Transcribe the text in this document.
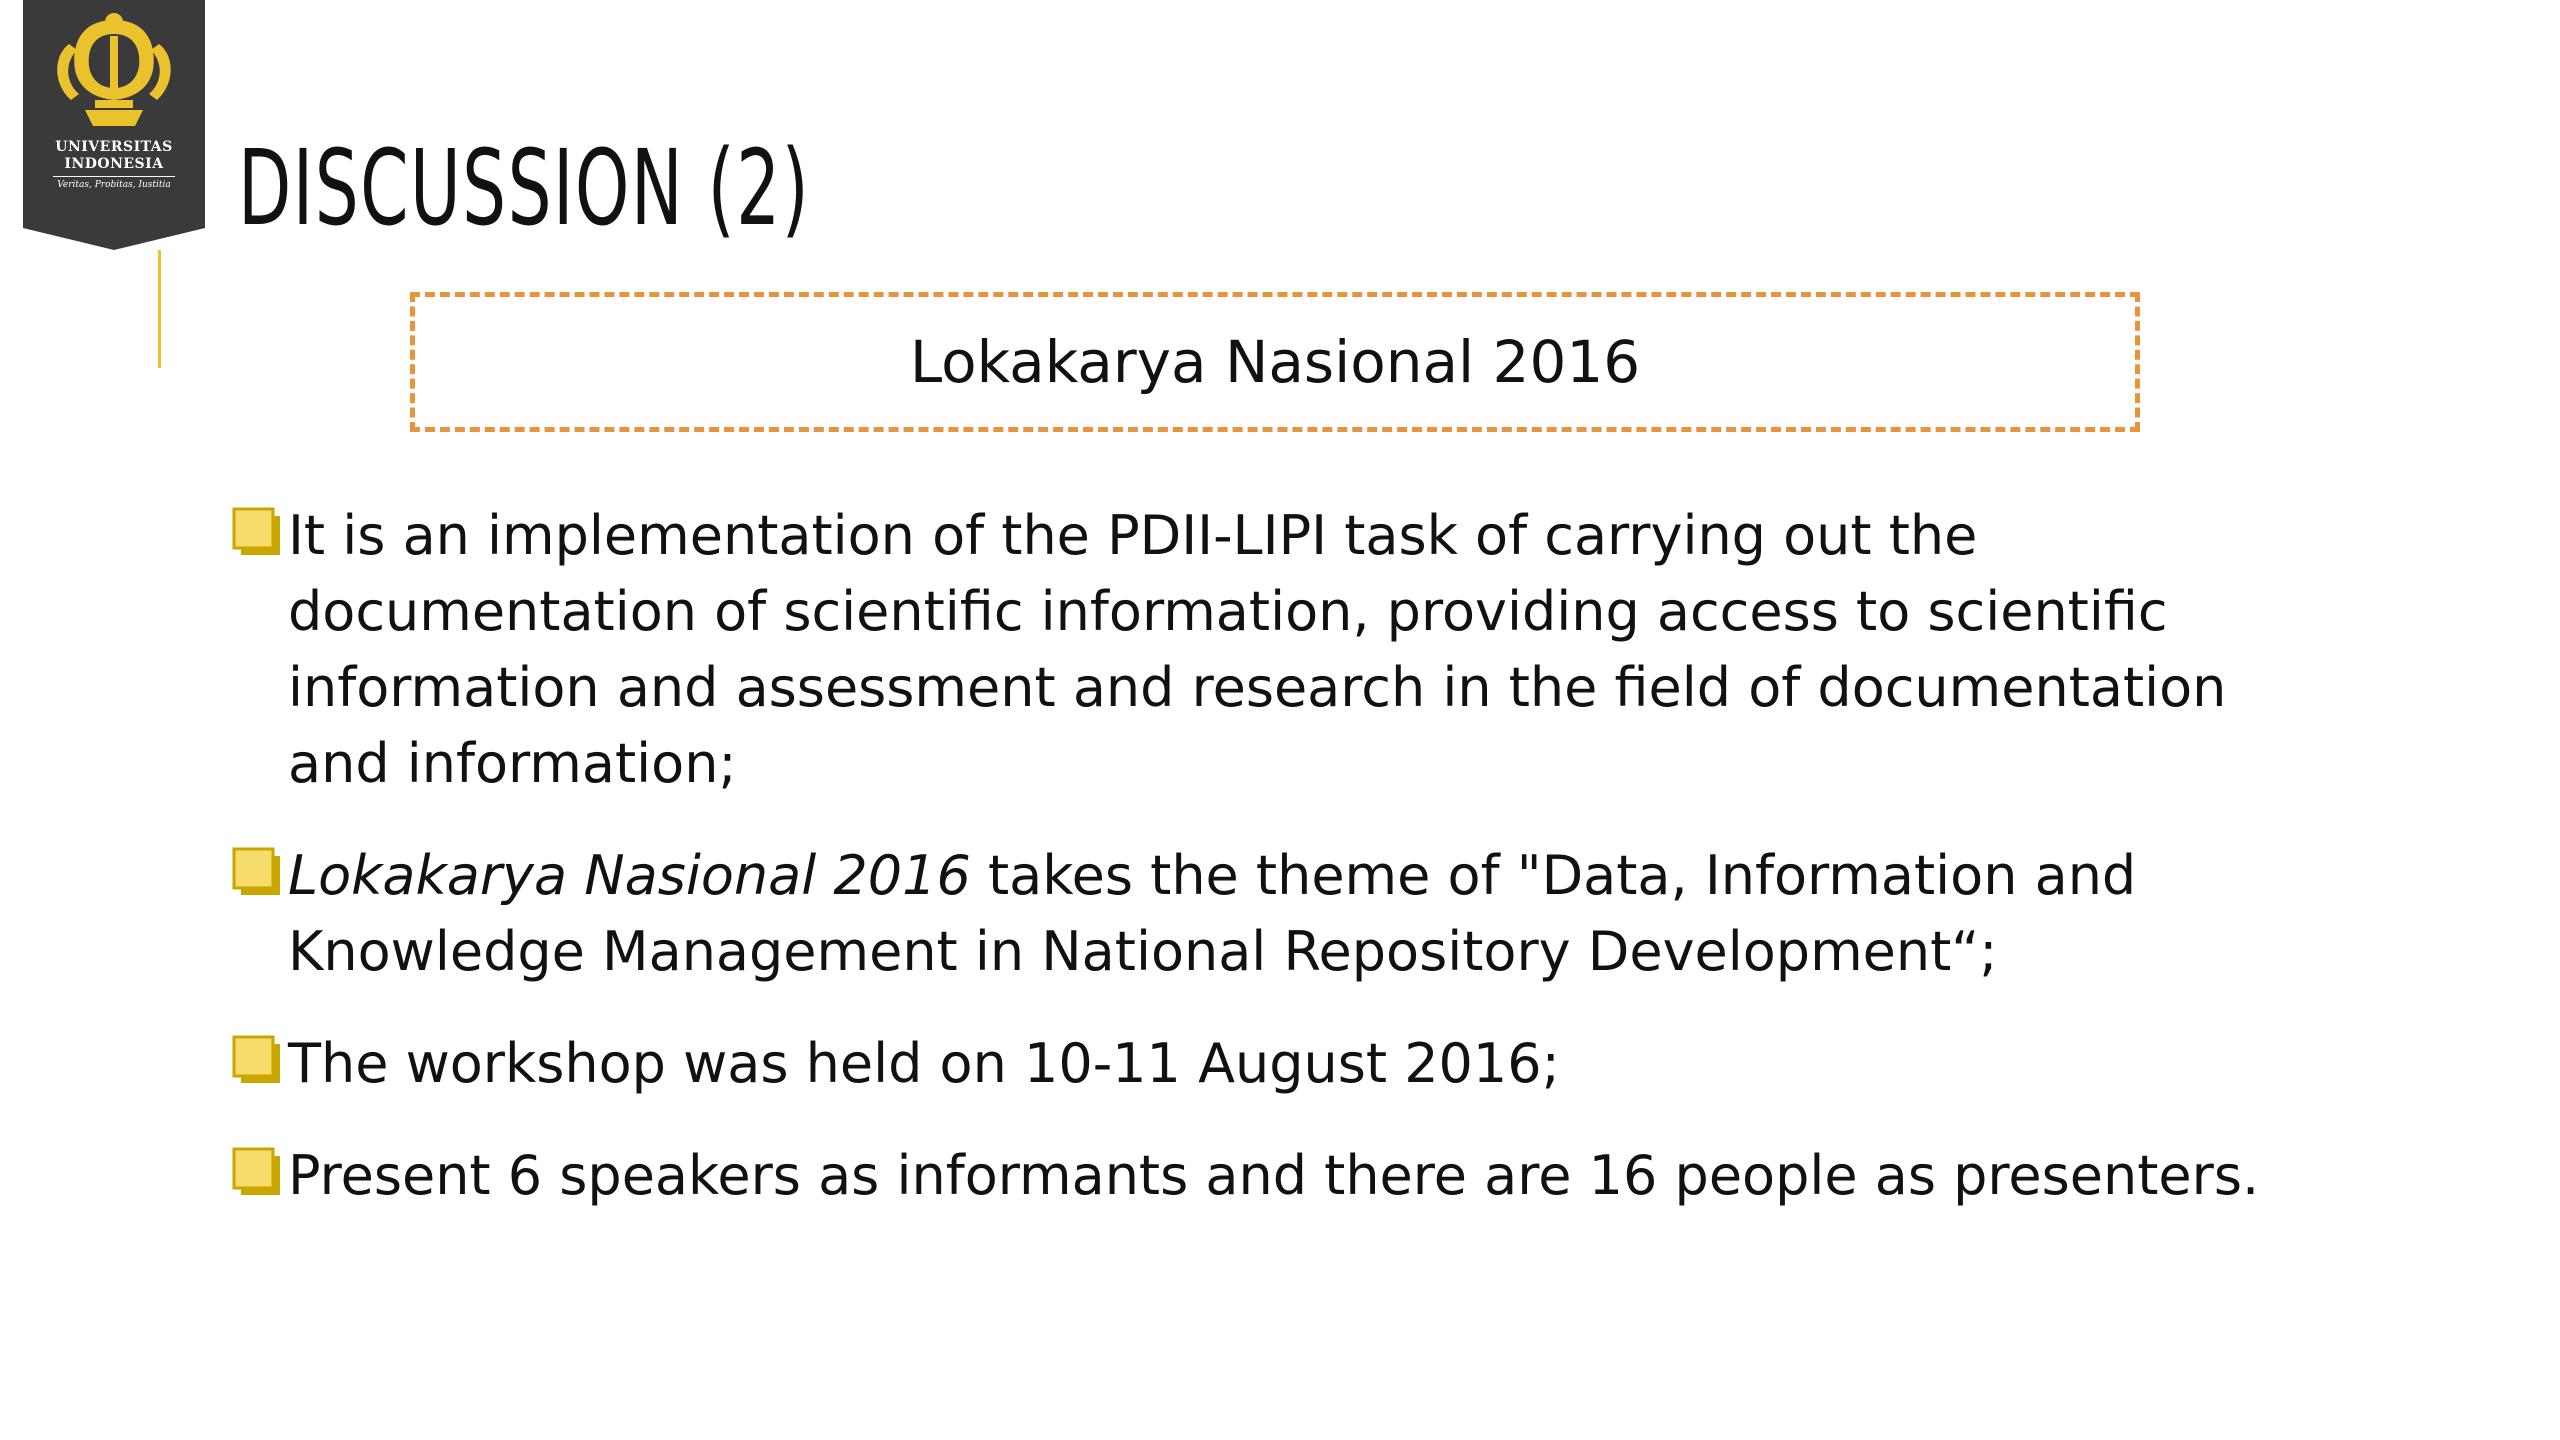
UNIVERSITAS
INDONESIA
Veritas, Probitas, Iustitia DISCUSSION (2)
Lokakarya Nasional 2016
It is an implementation of the PDII-LIPI task of carrying out the documentation of scientific information, providing access to scientific information and assessment and research in the field of documentation and information;
Lokakarya Nasional 2016 takes the theme of "Data, Information and Knowledge Management in National Repository Development“;
The workshop was held on 10-11 August 2016;
Present 6 speakers as informants and there are 16 people as presenters.
